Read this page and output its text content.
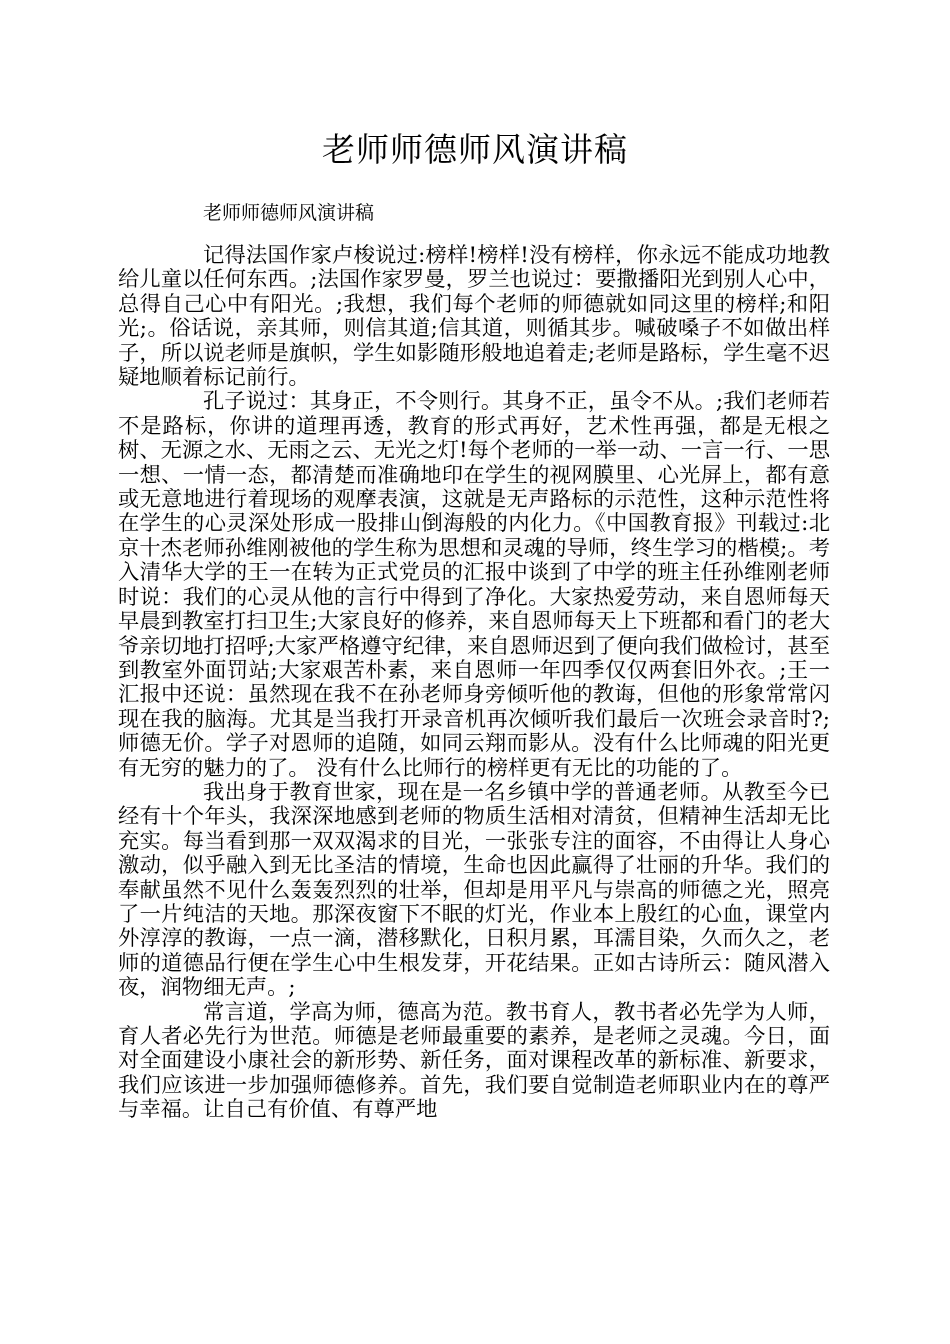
老师师德师风演讲稿
老师师德师风演讲稿

记得法国作家卢梭说过:榜样!榜样!没有榜样，你永远不能成功地教给儿童以任何东西。;法国作家罗曼，罗兰也说过：要撒播阳光到别人心中，总得自己心中有阳光。;我想，我们每个老师的师德就如同这里的榜样;和阳光;。俗话说，亲其师，则信其道;信其道，则循其步。喊破嗓子不如做出样子，所以说老师是旗帜，学生如影随形般地追着走;老师是路标，学生毫不迟疑地顺着标记前行。

孔子说过：其身正，不令则行。其身不正，虽令不从。;我们老师若不是路标，你讲的道理再透，教育的形式再好，艺术性再强，都是无根之树、无源之水、无雨之云、无光之灯!每个老师的一举一动、一言一行、一思一想、一情一态，都清楚而准确地印在学生的视网膜里、心光屏上，都有意或无意地进行着现场的观摩表演，这就是无声路标的示范性，这种示范性将在学生的心灵深处形成一股排山倒海般的内化力。《中国教育报》刊载过:北京十杰老师孙维刚被他的学生称为思想和灵魂的导师，终生学习的楷模;。考入清华大学的王一在转为正式党员的汇报中谈到了中学的班主任孙维刚老师时说：我们的心灵从他的言行中得到了净化。大家热爱劳动，来自恩师每天早晨到教室打扫卫生;大家良好的修养，来自恩师每天上下班都和看门的老大爷亲切地打招呼;大家严格遵守纪律，来自恩师迟到了便向我们做检讨，甚至到教室外面罚站;大家艰苦朴素，来自恩师一年四季仅仅两套旧外衣。;王一汇报中还说：虽然现在我不在孙老师身旁倾听他的教诲，但他的形象常常闪现在我的脑海。尤其是当我打开录音机再次倾听我们最后一次班会录音时?;师德无价。学子对恩师的追随，如同云翔而影从。没有什么比师魂的阳光更有无穷的魅力的了。 没有什么比师行的榜样更有无比的功能的了。

我出身于教育世家，现在是一名乡镇中学的普通老师。从教至今已经有十个年头，我深深地感到老师的物质生活相对清贫，但精神生活却无比充实。每当看到那一双双渴求的目光，一张张专注的面容，不由得让人身心激动，似乎融入到无比圣洁的情境，生命也因此赢得了壮丽的升华。我们的奉献虽然不见什么轰轰烈烈的壮举，但却是用平凡与崇高的师德之光，照亮了一片纯洁的天地。那深夜窗下不眠的灯光，作业本上殷红的心血，课堂内外淳淳的教诲，一点一滴，潜移默化，日积月累，耳濡目染，久而久之，老师的道德品行便在学生心中生根发芽，开花结果。正如古诗所云：随风潜入夜，润物细无声。;

常言道，学高为师，德高为范。教书育人，教书者必先学为人师，育人者必先行为世范。师德是老师最重要的素养，是老师之灵魂。今日，面对全面建设小康社会的新形势、新任务，面对课程改革的新标准、新要求，我们应该进一步加强师德修养。首先，我们要自觉制造老师职业内在的尊严与幸福。让自己有价值、有尊严地
